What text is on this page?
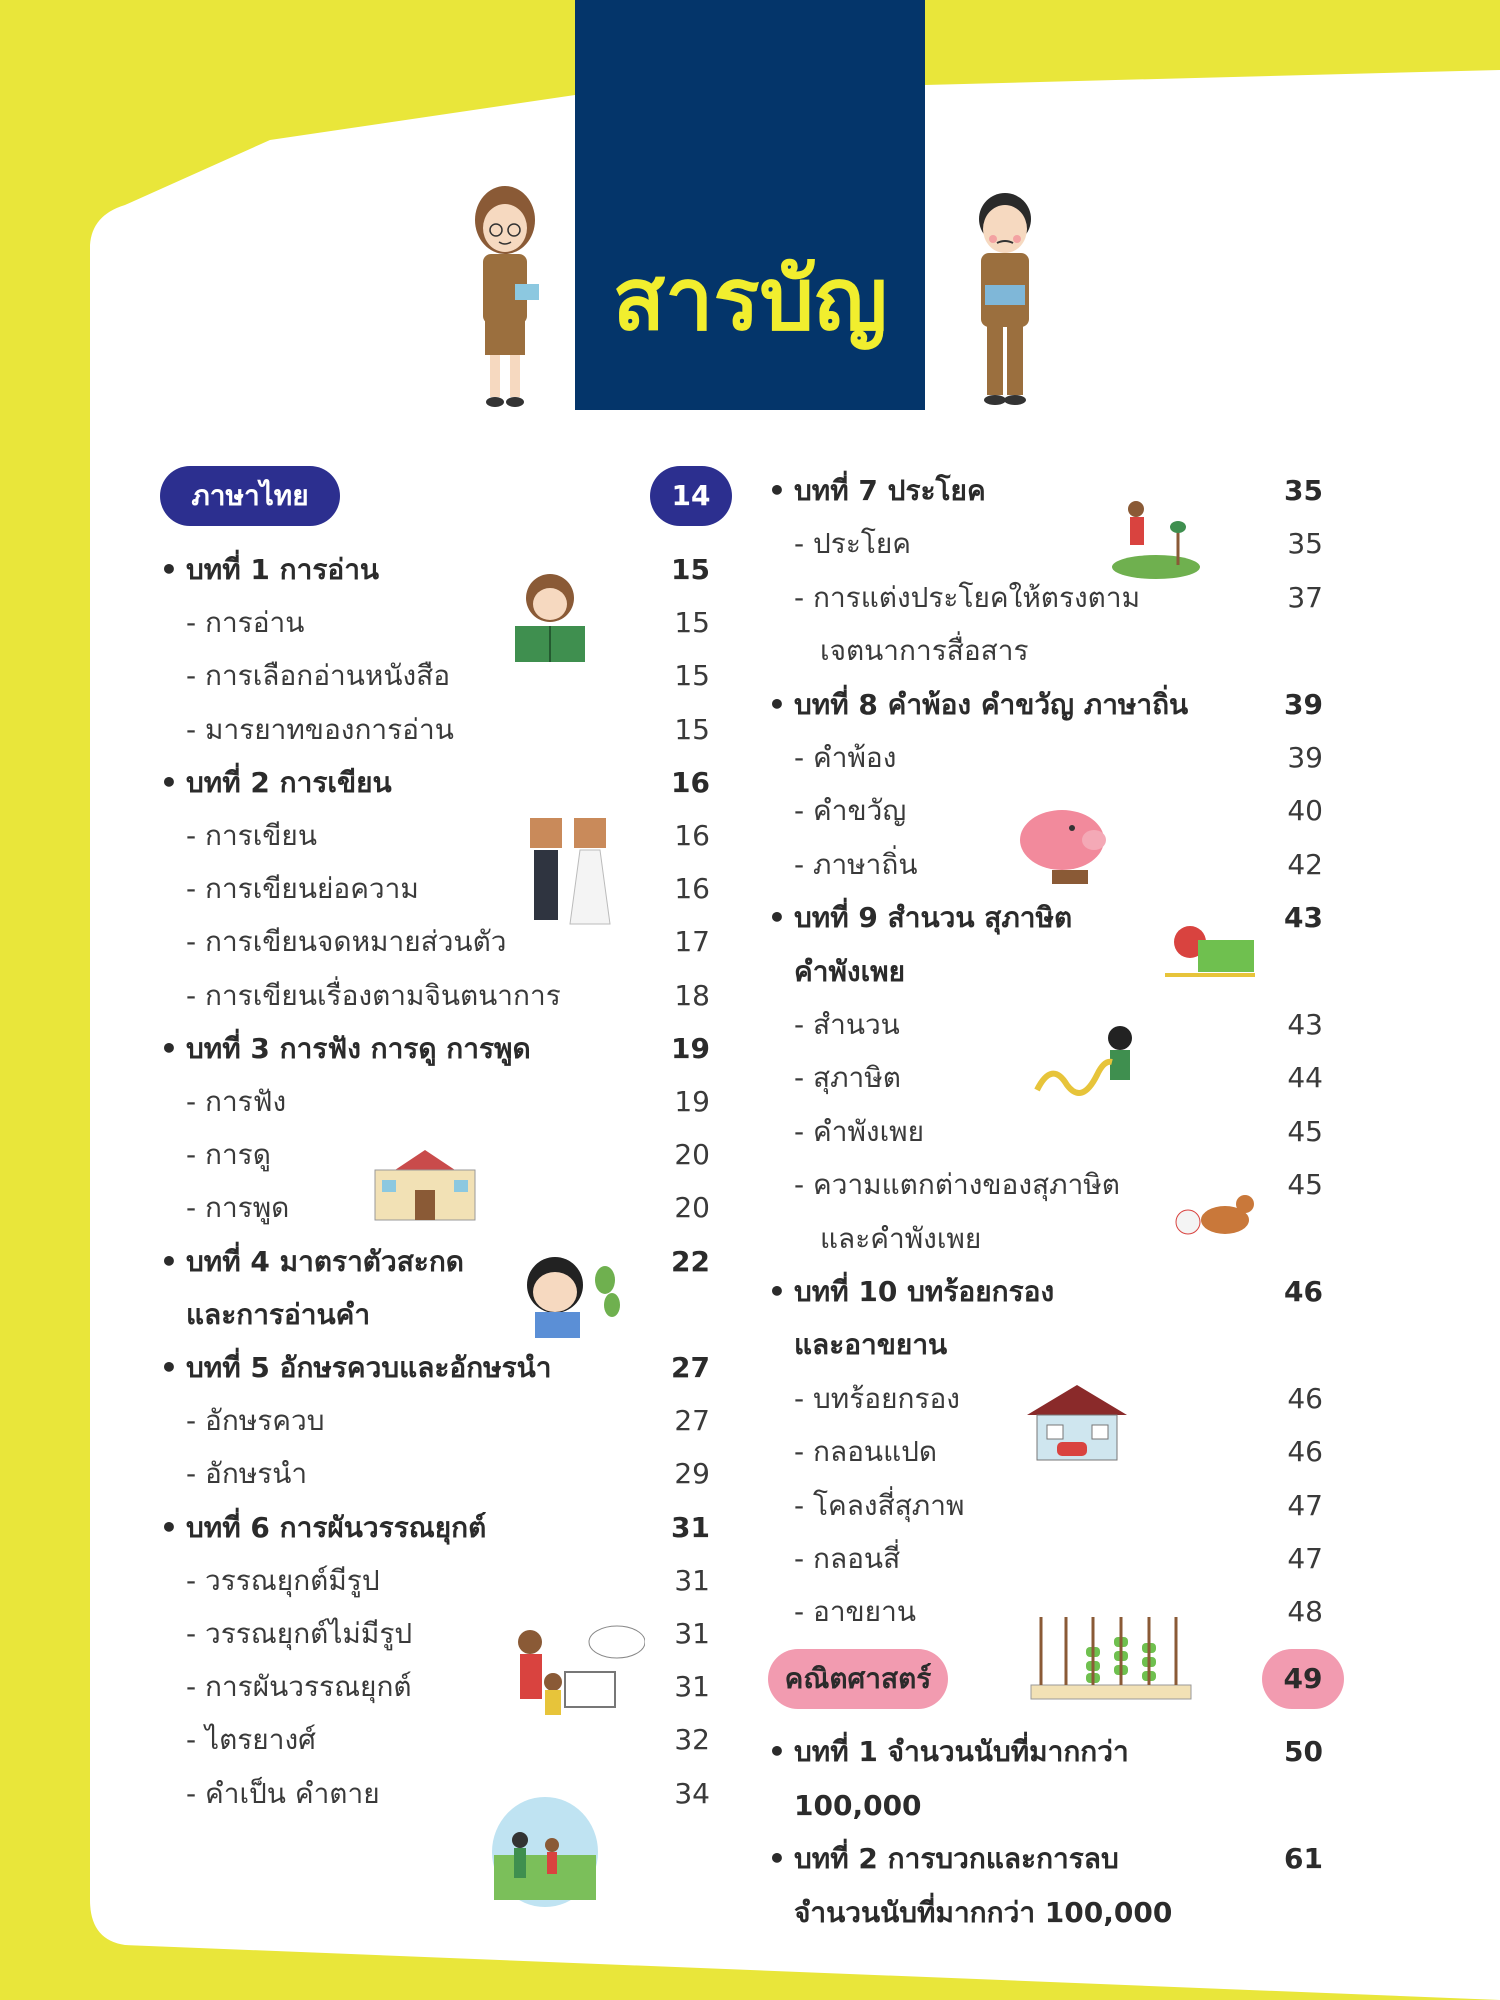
สารบัญ
ภาษาไทย	14
• บทที่ 1 การอ่าน	15
- การอ่าน	15
- การเลือกอ่านหนังสือ	15
- มารยาทของการอ่าน	15
• บทที่ 2 การเขียน	16
- การเขียน	16
- การเขียนย่อความ	16
- การเขียนจดหมายส่วนตัว	17
- การเขียนเรื่องตามจินตนาการ	18
• บทที่ 3 การฟัง การดู การพูด	19
- การฟัง	19
- การดู	20
- การพูด	20
• บทที่ 4 มาตราตัวสะกด	22
และการอ่านคำ
• บทที่ 5 อักษรควบและอักษรนำ	27
- อักษรควบ	27
- อักษรนำ	29
• บทที่ 6 การผันวรรณยุกต์	31
- วรรณยุกต์มีรูป	31
- วรรณยุกต์ไม่มีรูป	31
- การผันวรรณยุกต์	31
- ไตรยางศ์	32
- คำเป็น คำตาย	34
• บทที่ 7 ประโยค	35
- ประโยค	35
- การแต่งประโยคให้ตรงตาม	37
เจตนาการสื่อสาร
• บทที่ 8 คำพ้อง คำขวัญ ภาษาถิ่น	39
- คำพ้อง	39
- คำขวัญ	40
- ภาษาถิ่น	42
• บทที่ 9 สำนวน สุภาษิต	43
คำพังเพย
- สำนวน	43
- สุภาษิต	44
- คำพังเพย	45
- ความแตกต่างของสุภาษิต	45
และคำพังเพย
• บทที่ 10 บทร้อยกรอง	46
และอาขยาน
- บทร้อยกรอง	46
- กลอนแปด	46
- โคลงสี่สุภาพ	47
- กลอนสี่	47
- อาขยาน	48
คณิตศาสตร์	49
• บทที่ 1 จำนวนนับที่มากกว่า	50
100,000
• บทที่ 2 การบวกและการลบ	61
จำนวนนับที่มากกว่า 100,000
